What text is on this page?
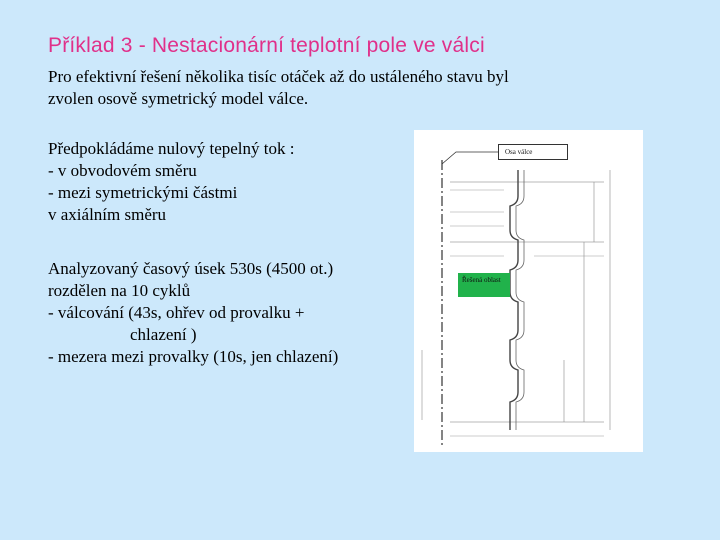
Příklad 3 - Nestacionární teplotní pole ve válci
Pro efektivní řešení několika tisíc otáček až do ustáleného stavu byl
zvolen osově symetrický model válce.
Předpokládáme nulový tepelný tok :
- v obvodovém směru
- mezi symetrickými částmi
v axiálním směru
Analyzovaný časový úsek 530s (4500 ot.)
rozdělen na 10 cyklů
- válcování (43s, ohřev od provalku +
chlazení )
- mezera mezi provalky (10s, jen chlazení)
Osa válce
Řešená oblast
